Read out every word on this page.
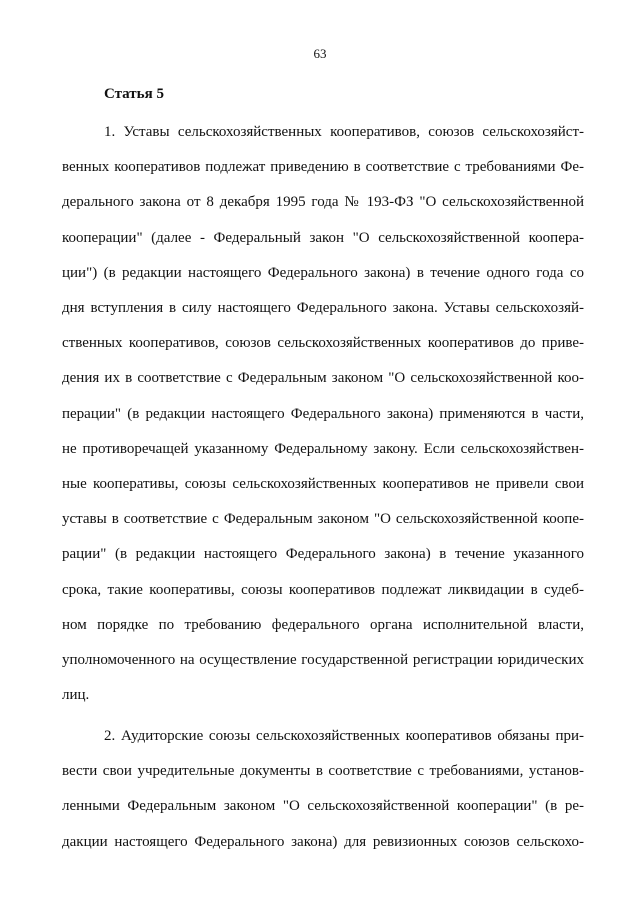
63
Статья 5
1. Уставы сельскохозяйственных кооперативов, союзов сельскохозяйст-
венных кооперативов подлежат приведению в соответствие с требованиями Фе-
дерального закона от 8 декабря 1995 года № 193-ФЗ "О сельскохозяйственной
кооперации" (далее - Федеральный закон "О сельскохозяйственной коопера-
ции") (в редакции настоящего Федерального закона) в течение одного года со
дня вступления в силу настоящего Федерального закона. Уставы сельскохозяй-
ственных кооперативов, союзов сельскохозяйственных кооперативов до приве-
дения их в соответствие с Федеральным законом "О сельскохозяйственной коо-
перации" (в редакции настоящего Федерального закона) применяются в части,
не противоречащей указанному Федеральному закону. Если сельскохозяйствен-
ные кооперативы, союзы сельскохозяйственных кооперативов не привели свои
уставы в соответствие с Федеральным законом "О сельскохозяйственной коопе-
рации" (в редакции настоящего Федерального закона) в течение указанного
срока, такие кооперативы, союзы кооперативов подлежат ликвидации в судеб-
ном порядке по требованию федерального органа исполнительной власти,
уполномоченного на осуществление государственной регистрации юридических
лиц.
2. Аудиторские союзы сельскохозяйственных кооперативов обязаны при-
вести свои учредительные документы в соответствие с требованиями, установ-
ленными Федеральным законом "О сельскохозяйственной кооперации" (в ре-
дакции настоящего Федерального закона) для ревизионных союзов сельскохо-
